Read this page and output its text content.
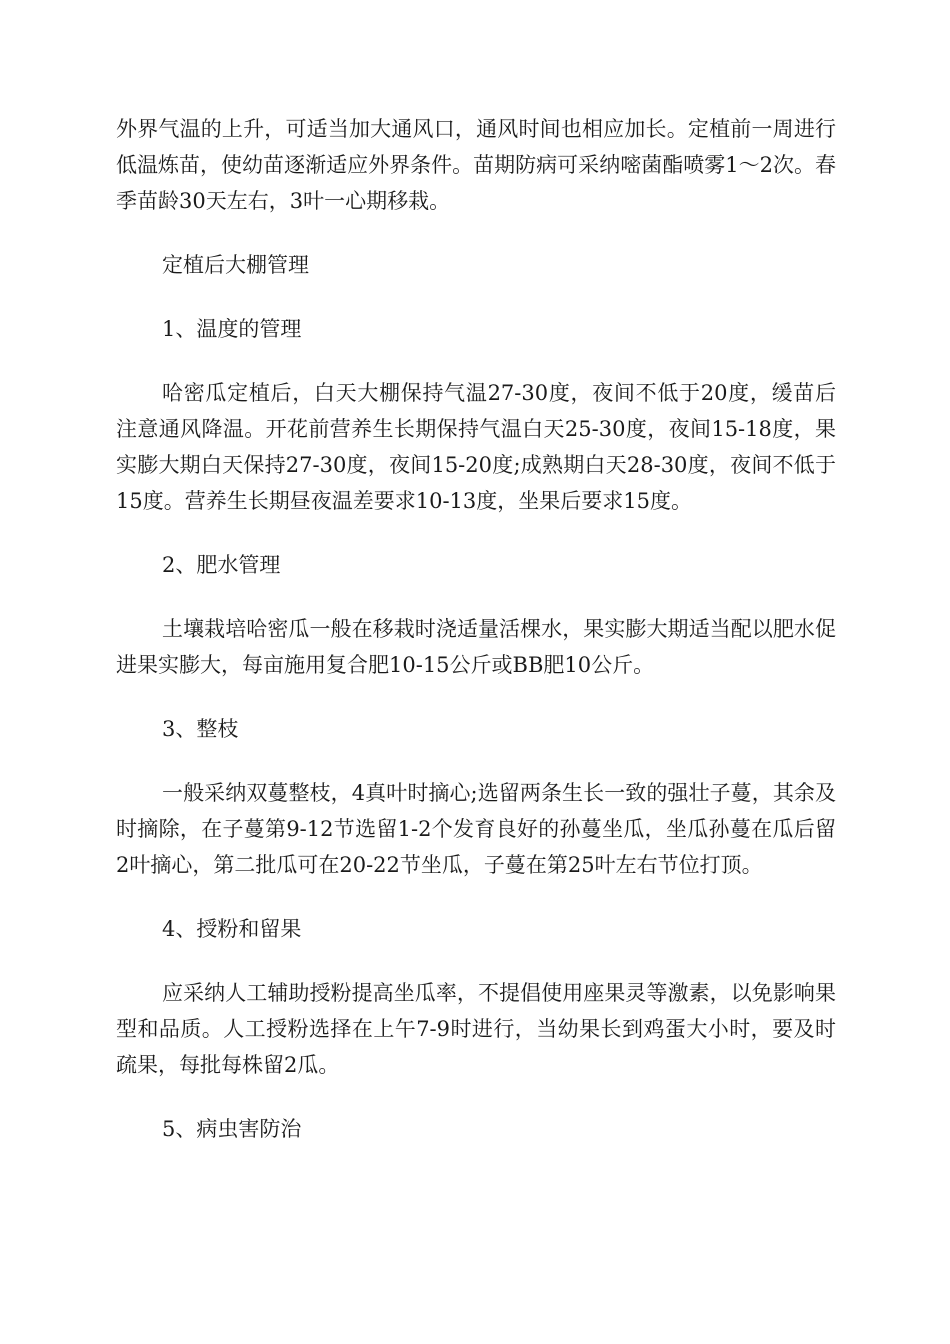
外界气温的上升，可适当加大通风口，通风时间也相应加长。定植前一周进行低温炼苗，使幼苗逐渐适应外界条件。苗期防病可采纳嘧菌酯喷雾1～2次。春季苗龄30天左右，3叶一心期移栽。

定植后大棚管理

1、温度的管理

哈密瓜定植后，白天大棚保持气温27-30度，夜间不低于20度，缓苗后注意通风降温。开花前营养生长期保持气温白天25-30度，夜间15-18度，果实膨大期白天保持27-30度，夜间15-20度;成熟期白天28-30度，夜间不低于15度。营养生长期昼夜温差要求10-13度，坐果后要求15度。

2、肥水管理

土壤栽培哈密瓜一般在移栽时浇适量活棵水，果实膨大期适当配以肥水促进果实膨大，每亩施用复合肥10-15公斤或BB肥10公斤。

3、整枝

一般采纳双蔓整枝，4真叶时摘心;选留两条生长一致的强壮子蔓，其余及时摘除，在子蔓第9-12节选留1-2个发育良好的孙蔓坐瓜，坐瓜孙蔓在瓜后留2叶摘心，第二批瓜可在20-22节坐瓜，子蔓在第25叶左右节位打顶。

4、授粉和留果

应采纳人工辅助授粉提高坐瓜率，不提倡使用座果灵等激素，以免影响果型和品质。人工授粉选择在上午7-9时进行，当幼果长到鸡蛋大小时，要及时疏果，每批每株留2瓜。

5、病虫害防治
